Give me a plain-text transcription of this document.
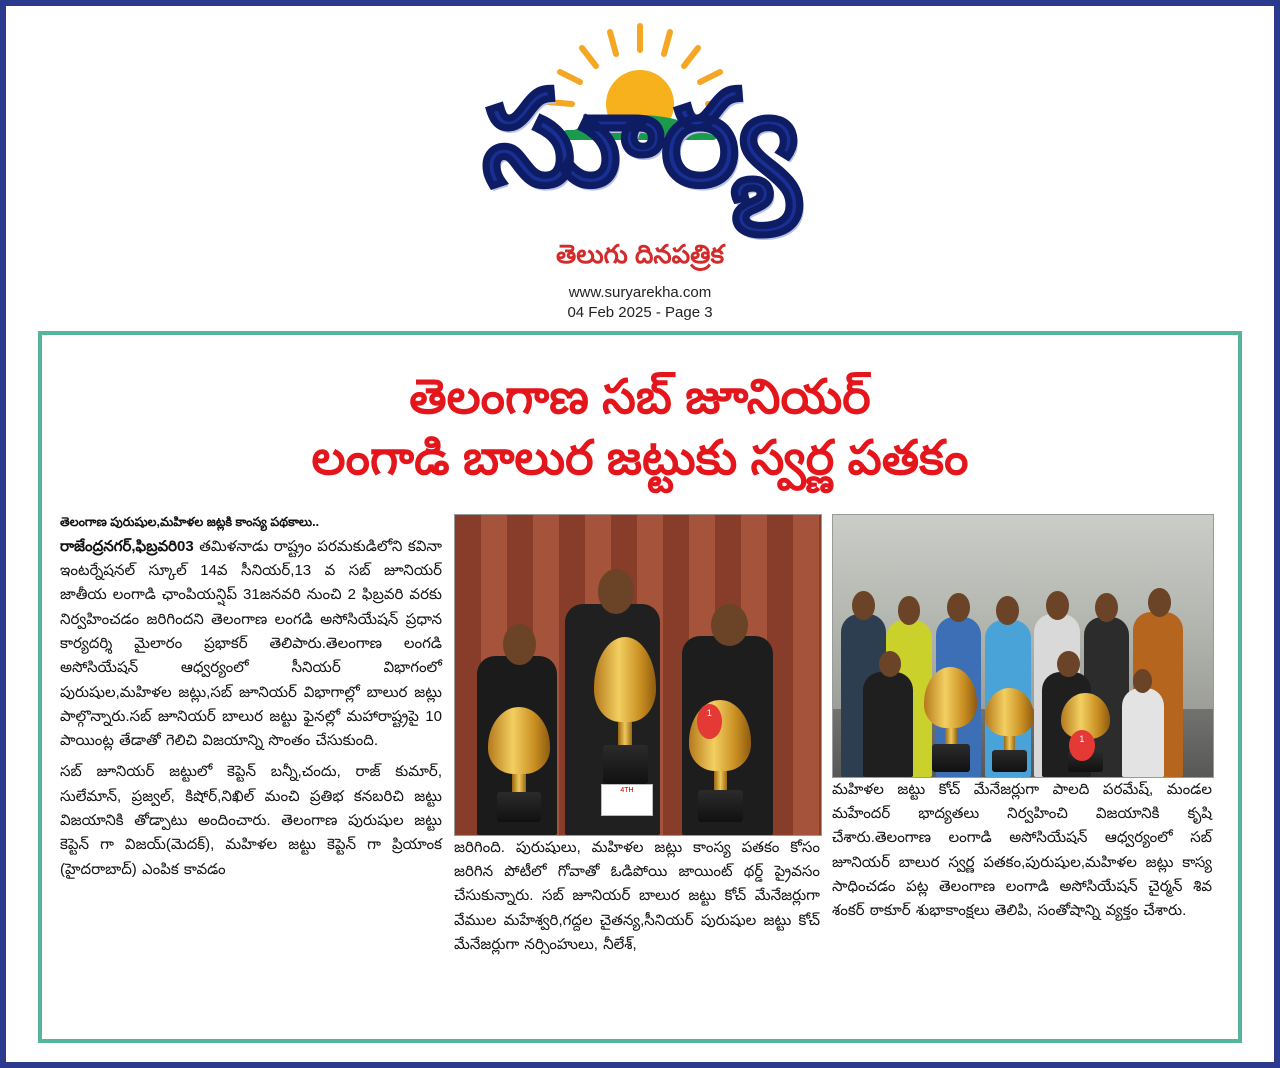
సూర్య
తెలుగు దినపత్రిక
www.suryarekha.com
04 Feb 2025 - Page 3
తెలంగాణ సబ్ జూనియర్
లంగాడి బాలుర జట్టుకు స్వర్ణ పతకం
తెలంగాణ పురుషుల,మహిళల జట్లకి కాంస్య పథకాలు..

రాజేంద్రనగర్,ఫిబ్రవరి03 తమిళనాడు రాష్ట్రం పరమకుడిలోని కవినా ఇంటర్నేషనల్ స్కూల్ 14వ సీనియర్,13 వ సబ్ జూనియర్ జాతీయ లంగాడి ఛాంపియన్షిప్ 31జనవరి నుంచి 2 ఫిబ్రవరి వరకు నిర్వహించడం జరిగిందని తెలంగాణ లంగడి అసోసియేషన్ ప్రధాన కార్యదర్శి మైలారం ప్రభాకర్ తెలిపారు.తెలంగాణ లంగడి అసోసియేషన్ ఆధ్వర్యంలో సీనియర్ విభాగంలో పురుషుల,మహిళల జట్లు,సబ్ జూనియర్ విభాగాల్లో బాలుర జట్లు పాల్గొన్నారు.సబ్ జూనియర్ బాలుర జట్టు ఫైనల్లో మహారాష్ట్రపై 10 పాయింట్ల తేడాతో గెలిచి విజయాన్ని సొంతం చేసుకుంది.

సబ్ జూనియర్ జట్టులో కెప్టెన్ బన్నీ,చందు, రాజ్ కుమార్, సులేమాన్, ప్రజ్వల్, కిషోర్,నిఖిల్ మంచి ప్రతిభ కనబరిచి జట్టు విజయానికి తోడ్పాటు అందించారు. తెలంగాణ పురుషుల జట్టు కెప్టెన్ గా విజయ్(మెదక్), మహిళల జట్టు కెప్టెన్ గా ప్రియాంక (హైదరాబాద్) ఎంపిక కావడం

4TH
1

జరిగింది. పురుషులు, మహిళల జట్లు కాంస్య పతకం కోసం జరిగిన పోటీలో గోవాతో ఓడిపోయి జాయింట్ థర్డ్ ప్రైవసం చేసుకున్నారు. సబ్ జూనియర్ బాలుర జట్టు కోచ్ మేనేజర్లుగా వేముల మహేశ్వరి,గద్దల చైతన్య,సీనియర్ పురుషుల జట్టు కోచ్ మేనేజర్లుగా నర్సింహులు, నీలేశ్,

1

మహిళల జట్టు కోచ్ మేనేజర్లుగా పాలది పరమేష్, మండల మహేందర్ భాద్యతలు నిర్వహించి విజయానికి కృషి చేశారు.తెలంగాణ లంగాడి అసోసియేషన్ ఆధ్వర్యంలో సబ్ జూనియర్ బాలుర స్వర్ణ పతకం,పురుషుల,మహిళల జట్లు కాస్య సాధించడం పట్ల తెలంగాణ లంగాడి అసోసియేషన్ చైర్మన్ శివ శంకర్ ఠాకూర్ శుభాకాంక్షలు తెలిపి, సంతోషాన్ని వ్యక్తం చేశారు.
